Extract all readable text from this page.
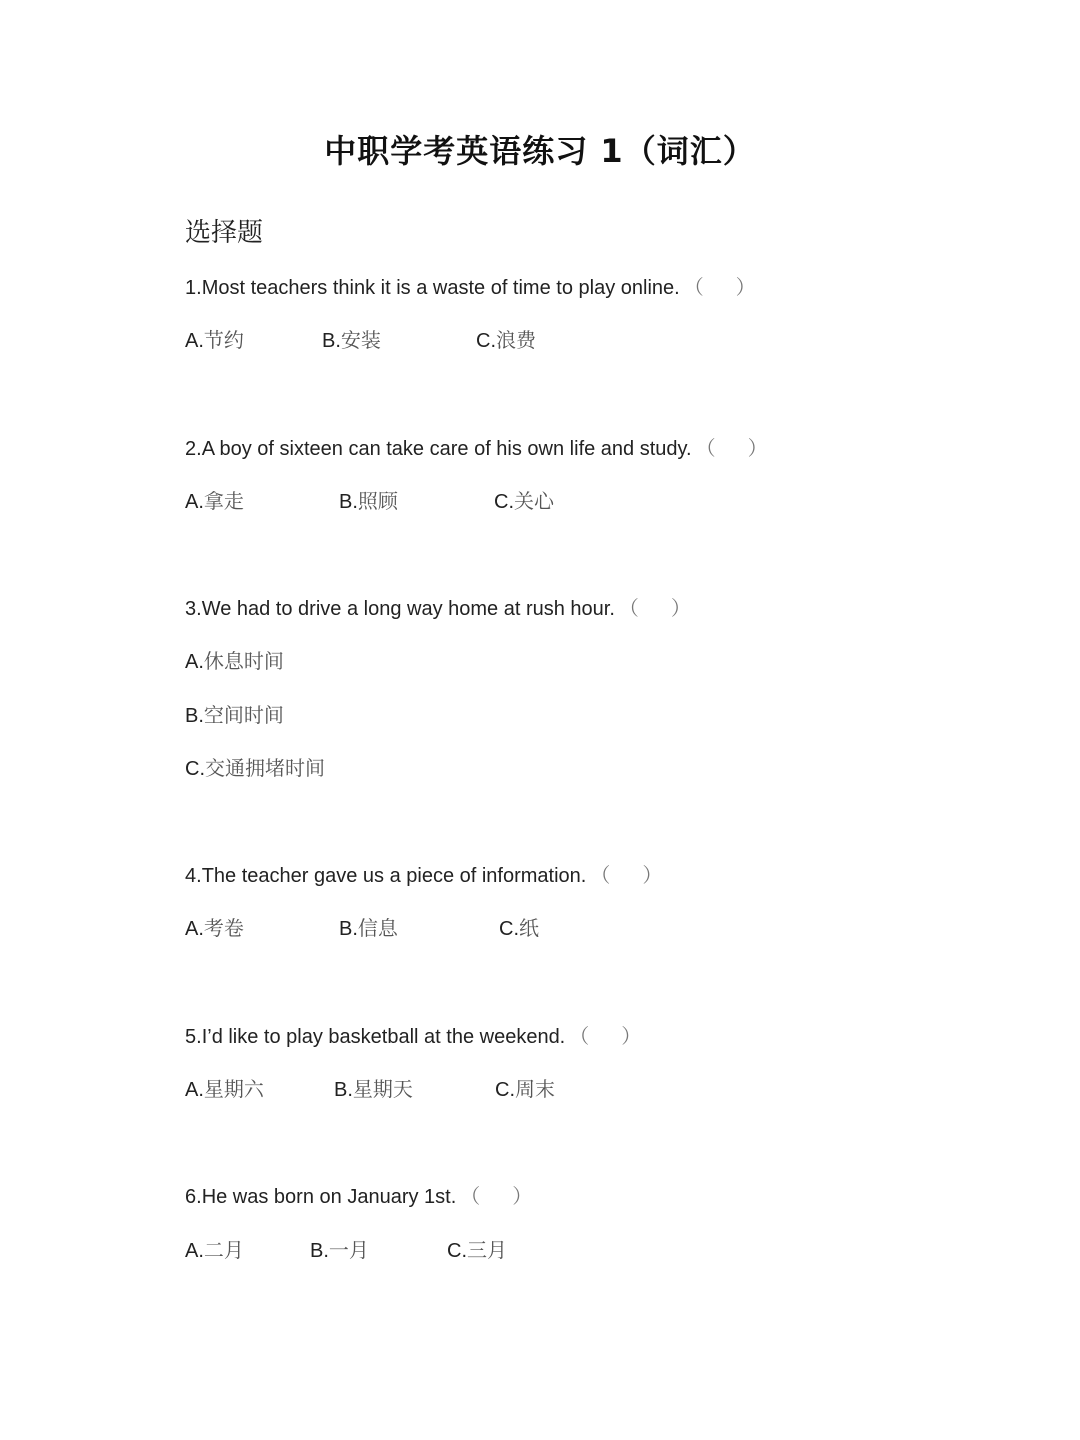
中职学考英语练习 1（词汇）
选择题
1.Most teachers think it is a waste of time to play online. （　）
A.节约	B.安装	C.浪费
2.A boy of sixteen can take care of his own life and study. （　）
A.拿走	B.照顾	C.关心
3.We had to drive a long way home at rush hour. （　）
A.休息时间
B.空间时间
C.交通拥堵时间
4.The teacher gave us a piece of information. （　）
A.考卷	B.信息	C.纸
5.I’d like to play basketball at the weekend. （　）
A.星期六	B.星期天	C.周末
6.He was born on January 1st. （　）
A.二月	B.一月	C.三月
